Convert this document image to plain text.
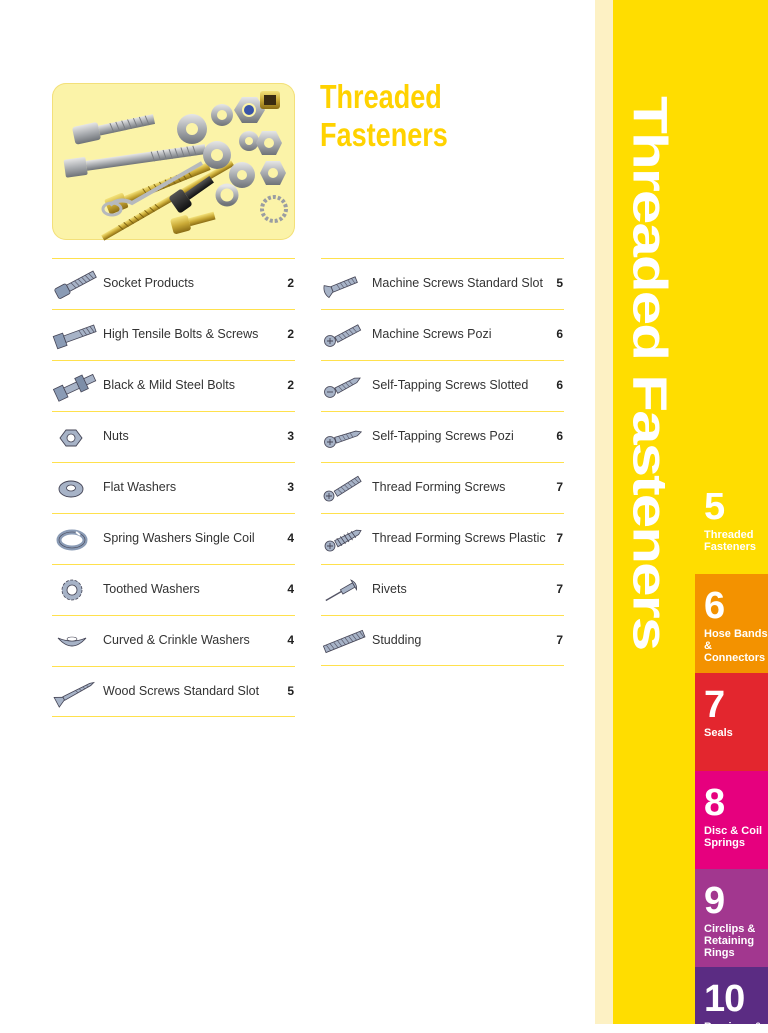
Threaded Fasteners 5
Threaded Fasteners
6
Hose Bands & Connectors
7
Seals
8
Disc & Coil Springs
9
Circlips & Retaining Rings
10
Bearings &
Threaded
Fasteners
Socket Products	2
High Tensile Bolts & Screws 2
Black & Mild Steel Bolts	2
Nuts	3
Flat Washers	3
Spring Washers Single Coil	4
Toothed Washers	4
Curved & Crinkle Washers	4
Wood Screws Standard Slot 5
Machine Screws Standard Slot 5
Machine Screws Pozi	6
Self-Tapping Screws Slotted 6
Self-Tapping Screws Pozi	6
Thread Forming Screws	7
Thread Forming Screws Plastic 7
Rivets	7
Studding	7
